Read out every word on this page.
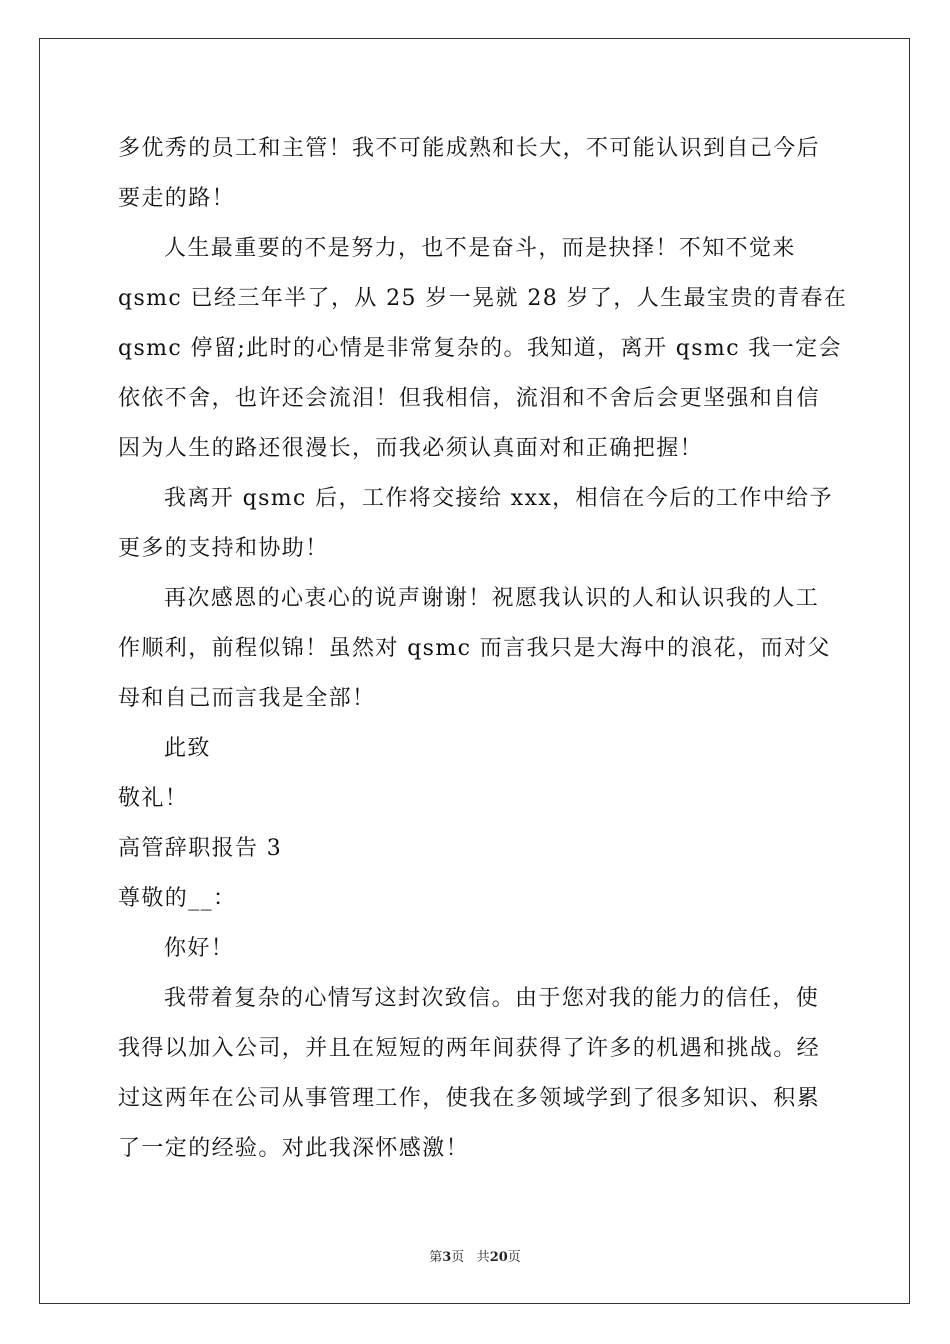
多优秀的员工和主管！我不可能成熟和长大，不可能认识到自己今后
要走的路！
人生最重要的不是努力，也不是奋斗，而是抉择！不知不觉来
qsmc 已经三年半了，从 25 岁一晃就 28 岁了，人生最宝贵的青春在
qsmc 停留;此时的心情是非常复杂的。我知道，离开 qsmc 我一定会
依依不舍，也许还会流泪！但我相信，流泪和不舍后会更坚强和自信
因为人生的路还很漫长，而我必须认真面对和正确把握！
我离开 qsmc 后，工作将交接给 xxx，相信在今后的工作中给予
更多的支持和协助！
再次感恩的心衷心的说声谢谢！祝愿我认识的人和认识我的人工
作顺利，前程似锦！虽然对 qsmc 而言我只是大海中的浪花，而对父
母和自己而言我是全部！
此致
敬礼！
高管辞职报告 3
尊敬的__：
你好！
我带着复杂的心情写这封次致信。由于您对我的能力的信任，使
我得以加入公司，并且在短短的两年间获得了许多的机遇和挑战。经
过这两年在公司从事管理工作，使我在多领域学到了很多知识、积累
了一定的经验。对此我深怀感激！
第3页 共20页
